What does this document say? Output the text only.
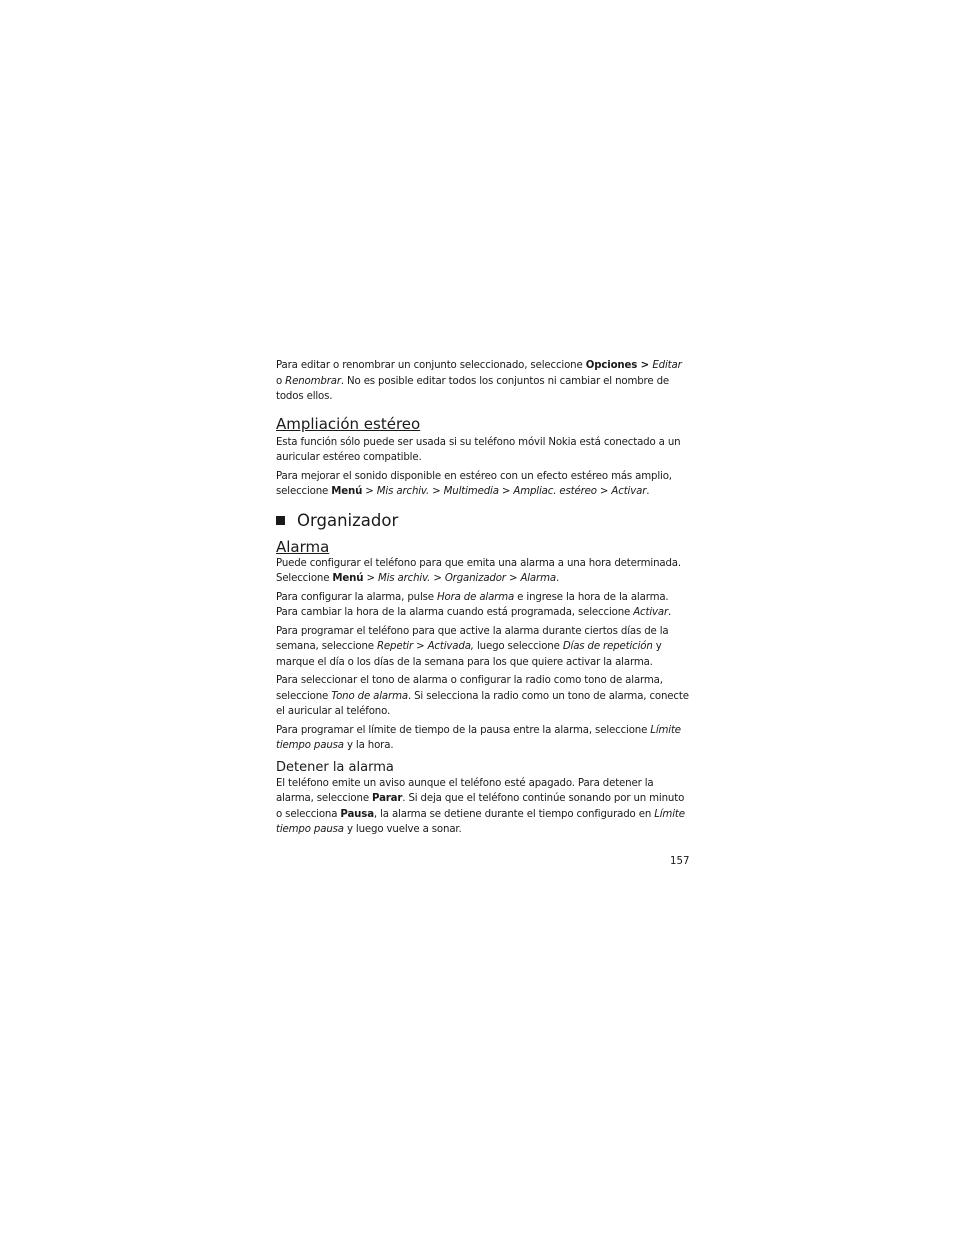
Para editar o renombrar un conjunto seleccionado, seleccione Opciones > Editar
o Renombrar. No es posible editar todos los conjuntos ni cambiar el nombre de todos ellos.

Ampliación estéreo

Esta función sólo puede ser usada si su teléfono móvil Nokia está conectado a un auricular estéreo compatible.

Para mejorar el sonido disponible en estéreo con un efecto estéreo más amplio, seleccione Menú > Mis archiv. > Multimedia > Ampliac. estéreo > Activar.

Organizador
Alarma

Puede configurar el teléfono para que emita una alarma a una hora determinada. Seleccione Menú > Mis archiv. > Organizador > Alarma.

Para configurar la alarma, pulse Hora de alarma e ingrese la hora de la alarma. Para cambiar la hora de la alarma cuando está programada, seleccione Activar.

Para programar el teléfono para que active la alarma durante ciertos días de la semana, seleccione Repetir > Activada, luego seleccione Días de repetición y marque el día o los días de la semana para los que quiere activar la alarma.

Para seleccionar el tono de alarma o configurar la radio como tono de alarma, seleccione Tono de alarma. Si selecciona la radio como un tono de alarma, conecte el auricular al teléfono.

Para programar el límite de tiempo de la pausa entre la alarma, seleccione Límite tiempo pausa y la hora.

Detener la alarma

El teléfono emite un aviso aunque el teléfono esté apagado. Para detener la alarma, seleccione Parar. Si deja que el teléfono continúe sonando por un minuto o selecciona Pausa, la alarma se detiene durante el tiempo configurado en Límite tiempo pausa y luego vuelve a sonar.

157
